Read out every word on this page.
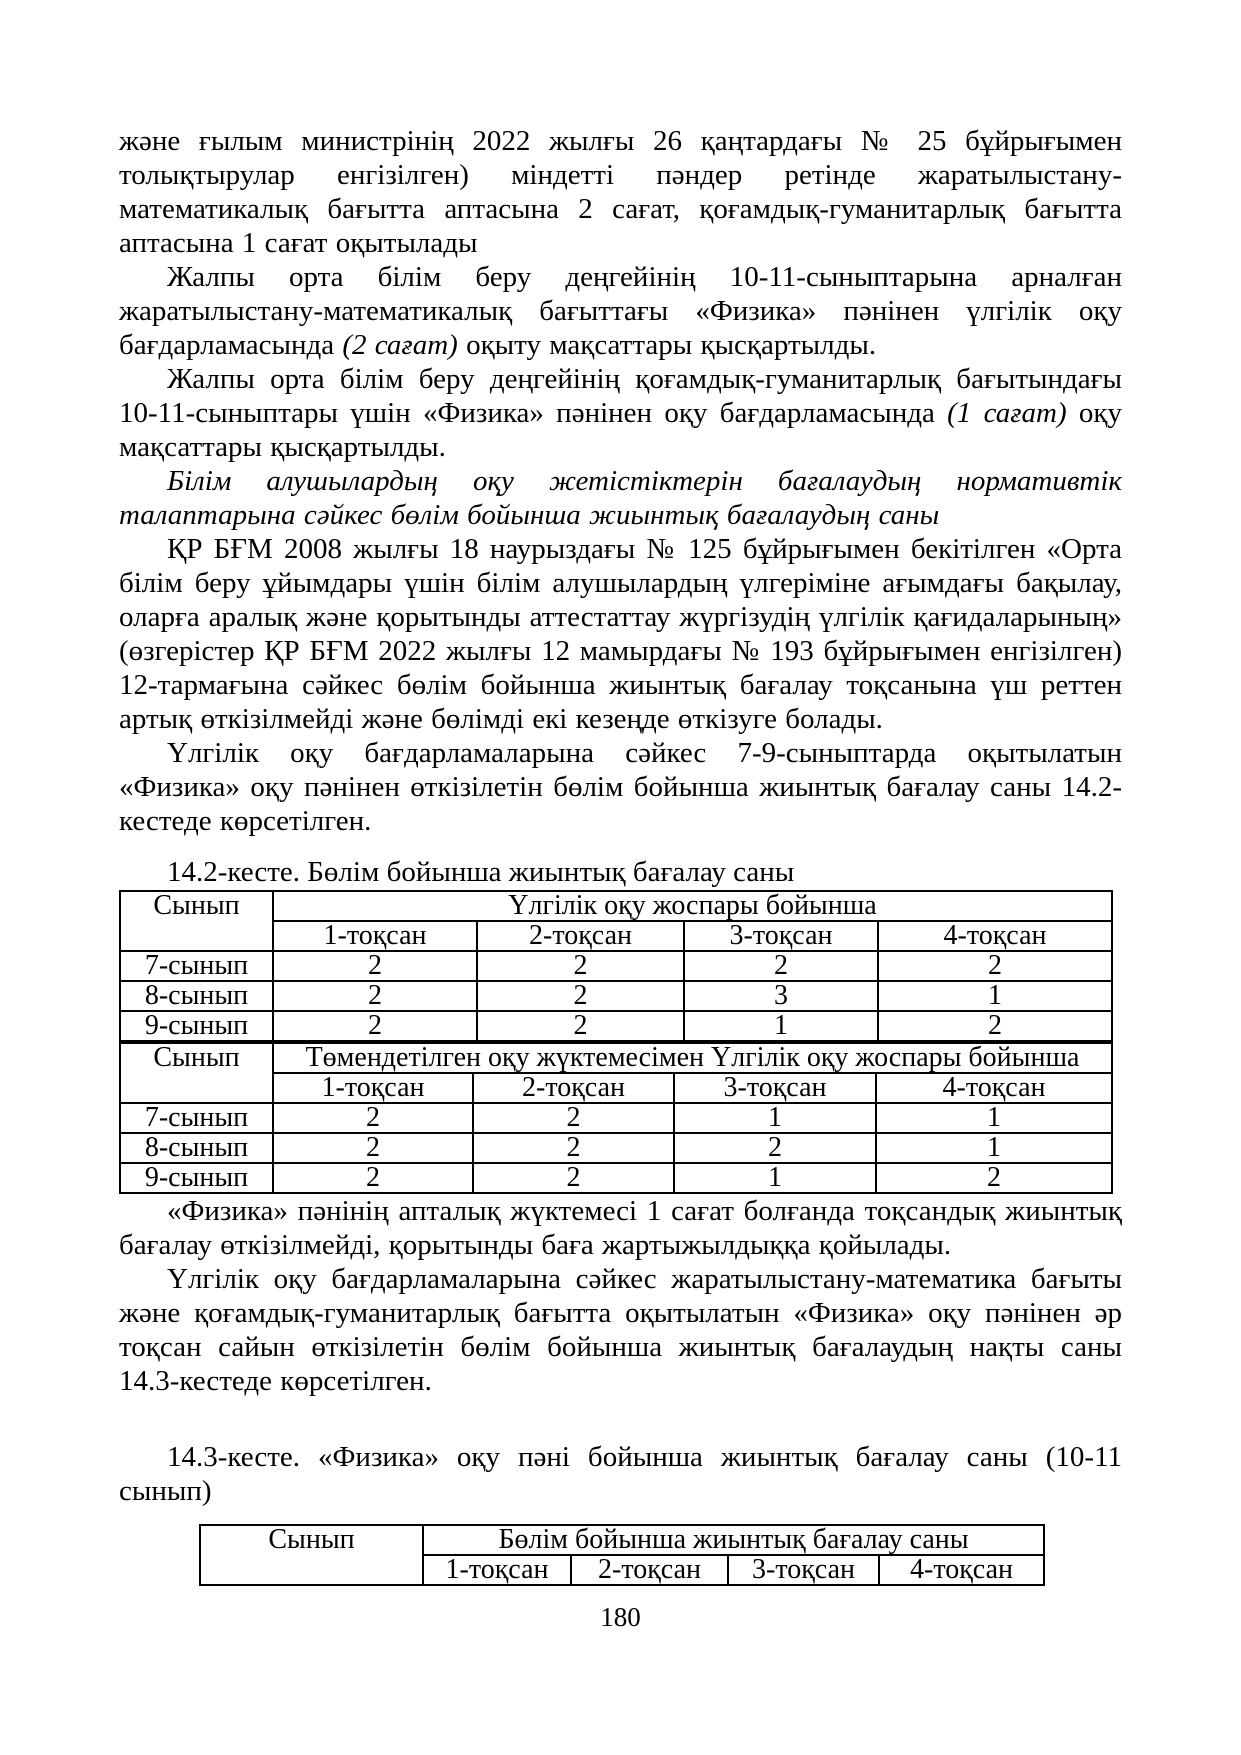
және ғылым министрінің 2022 жылғы 26 қаңтардағы № 25 бұйрығымен толықтырулар енгізілген) міндетті пәндер ретінде жаратылыстану-математикалық бағытта аптасына 2 сағат, қоғамдық-гуманитарлық бағытта аптасына 1 сағат оқытылады

Жалпы орта білім беру деңгейінің 10-11-сыныптарына арналған жаратылыстану-математикалық бағыттағы «Физика» пәнінен үлгілік оқу бағдарламасында (2 сағат) оқыту мақсаттары қысқартылды.

Жалпы орта білім беру деңгейінің қоғамдық-гуманитарлық бағытындағы 10-11-сыныптары үшін «Физика» пәнінен оқу бағдарламасында (1 сағат) оқу мақсаттары қысқартылды.

Білім алушылардың оқу жетістіктерін бағалаудың нормативтік талаптарына сәйкес бөлім бойынша жиынтық бағалаудың саны

ҚР БҒМ 2008 жылғы 18 наурыздағы № 125 бұйрығымен бекітілген «Орта білім беру ұйымдары үшін білім алушылардың үлгеріміне ағымдағы бақылау, оларға аралық және қорытынды аттестаттау жүргізудің үлгілік қағидаларының» (өзгерістер ҚР БҒМ 2022 жылғы 12 мамырдағы № 193 бұйрығымен енгізілген) 12-тармағына сәйкес бөлім бойынша жиынтық бағалау тоқсанына үш реттен артық өткізілмейді және бөлімді екі кезеңде өткізуге болады.

Үлгілік оқу бағдарламаларына сәйкес 7-9-сыныптарда оқытылатын «Физика» оқу пәнінен өткізілетін бөлім бойынша жиынтық бағалау саны 14.2-кестеде көрсетілген.

14.2-кесте. Бөлім бойынша жиынтық бағалау саны

Сынып	Үлгілік оқу жоспары бойынша			
	1-тоқсан	2-тоқсан	3-тоқсан	4-тоқсан
7-сынып	2	2	2	2
8-сынып	2	2	3	1
9-сынып	2	2	1	2
Сынып	Төмендетілген оқу жүктемесімен Үлгілік оқу жоспары бойынша			
	1-тоқсан	2-тоқсан	3-тоқсан	4-тоқсан
7-сынып	2	2	1	1
8-сынып	2	2	2	1
9-сынып	2	2	1	2

«Физика» пәнінің апталық жүктемесі 1 сағат болғанда тоқсандық жиынтық бағалау өткізілмейді, қорытынды баға жартыжылдыққа қойылады.

Үлгілік оқу бағдарламаларына сәйкес жаратылыстану-математика бағыты және қоғамдық-гуманитарлық бағытта оқытылатын «Физика» оқу пәнінен әр тоқсан сайын өткізілетін бөлім бойынша жиынтық бағалаудың нақты саны 14.3-кестеде көрсетілген.

14.3-кесте. «Физика» оқу пәні бойынша жиынтық бағалау саны (10-11 сынып)

Сынып	Бөлім бойынша жиынтық бағалау саны			
	1-тоқсан	2-тоқсан	3-тоқсан	4-тоқсан
180
